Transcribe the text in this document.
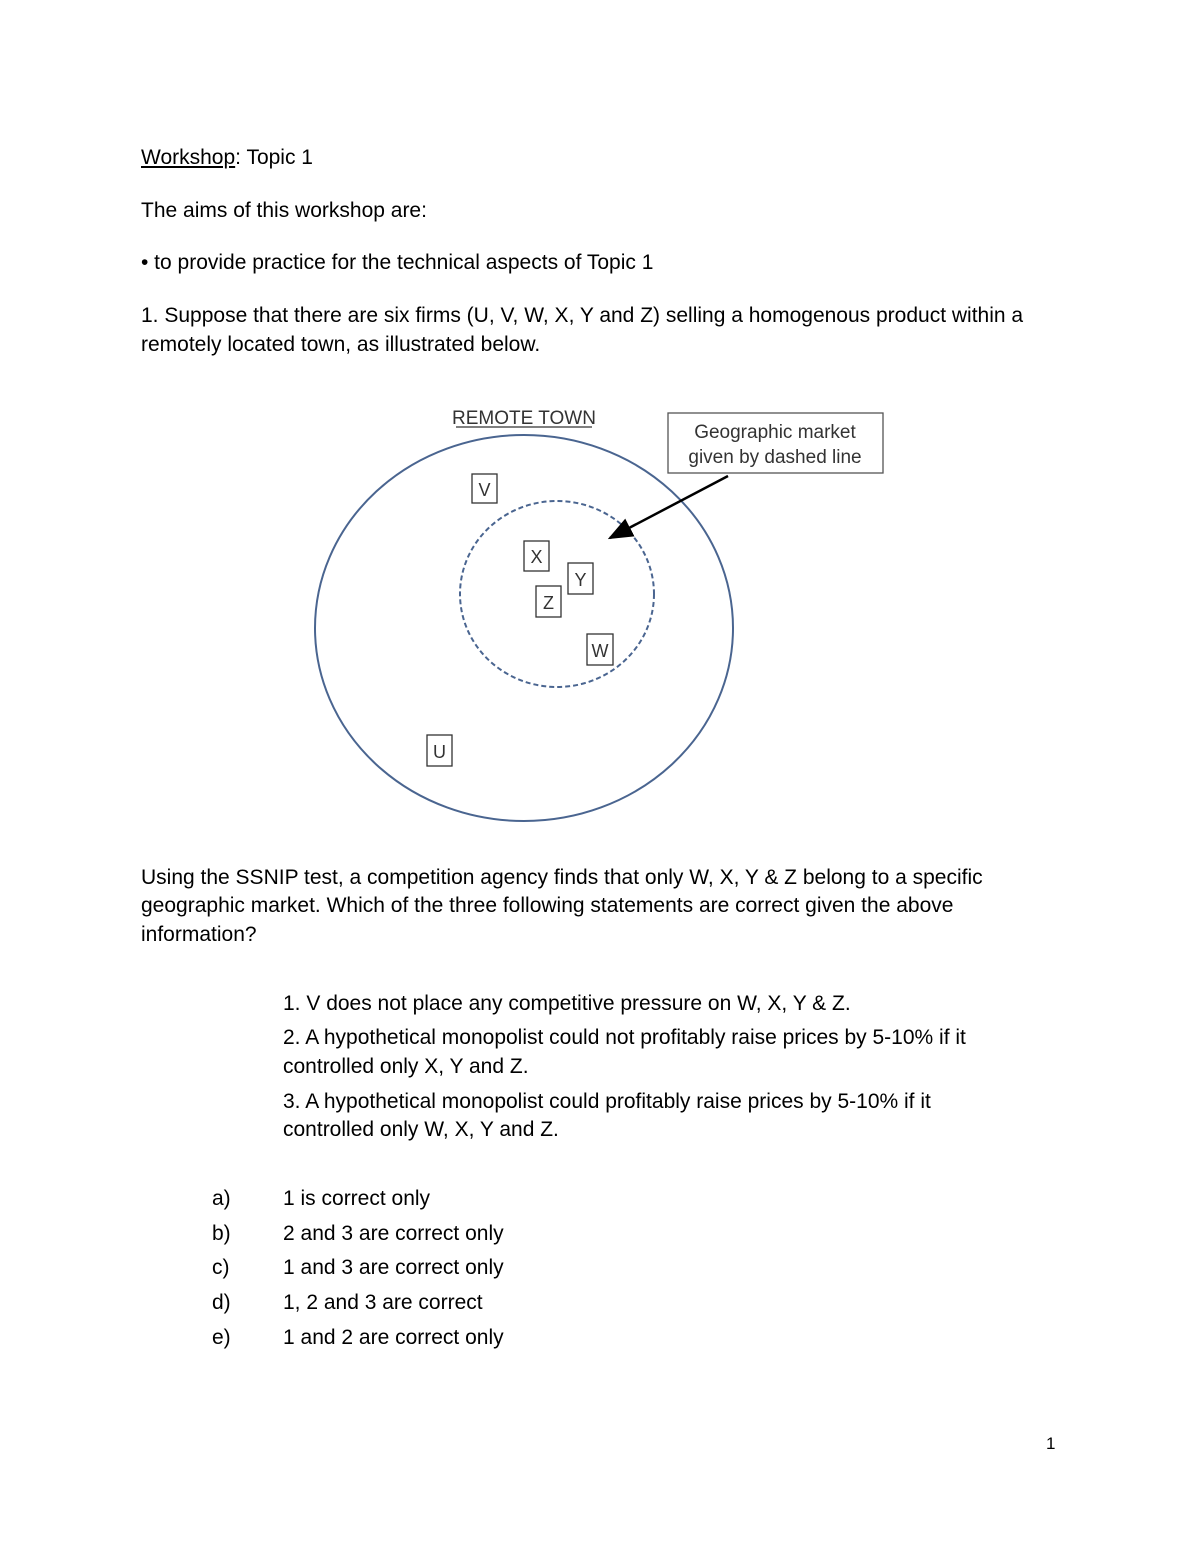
Workshop: Topic 1
The aims of this workshop are:
• to provide practice for the technical aspects of Topic 1
1. Suppose that there are six firms (U, V, W, X, Y and Z) selling a homogenous product within a
remotely located town, as illustrated below.
REMOTE TOWN
Geographic market
given by dashed line
V
X
Y
Z
W
U
Using the SSNIP test, a competition agency finds that only W, X, Y & Z belong to a specific
geographic market. Which of the three following statements are correct given the above
information?
1. V does not place any competitive pressure on W, X, Y & Z.
2. A hypothetical monopolist could not profitably raise prices by 5-10% if it
controlled only X, Y and Z.
3. A hypothetical monopolist could profitably raise prices by 5-10% if it
controlled only W, X, Y and Z.
a) 1 is correct only
b) 2 and 3 are correct only
c)	1 and 3 are correct only
d) 1, 2 and 3 are correct
e) 1 and 2 are correct only
1
